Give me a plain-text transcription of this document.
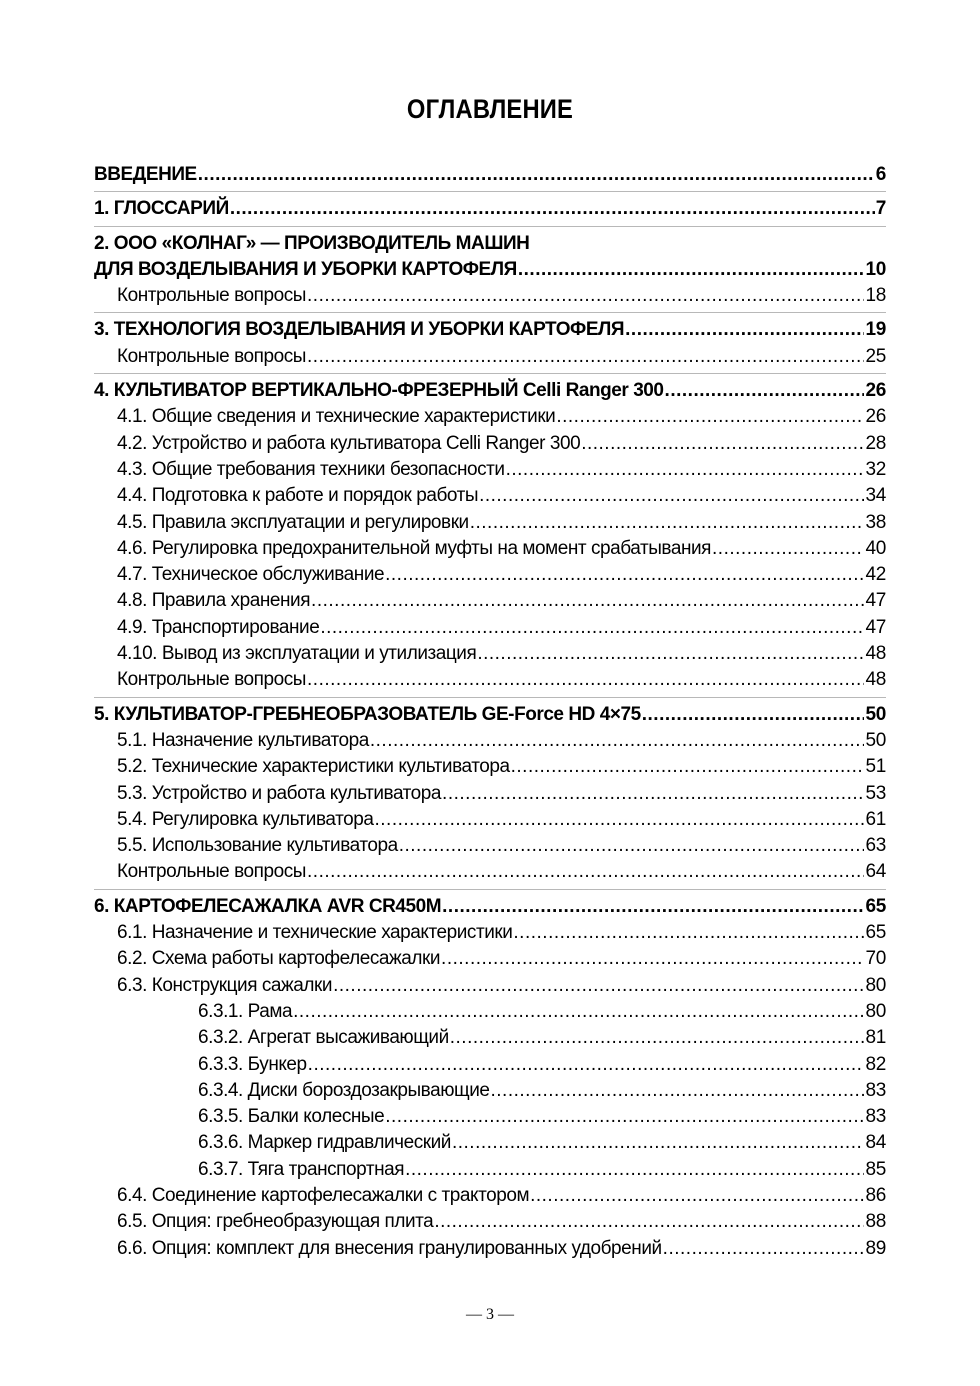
ОГЛАВЛЕНИЕ
ВВЕДЕНИЕ .....	6
1. ГЛОССАРИЙ .....	7
2. ООО «КОЛНАГ» — ПРОИЗВОДИТЕЛЬ МАШИН
ДЛЯ ВОЗДЕЛЫВАНИЯ И УБОРКИ КАРТОФЕЛЯ .....	10
Контрольные вопросы .....	18
3. ТЕХНОЛОГИЯ ВОЗДЕЛЫВАНИЯ И УБОРКИ КАРТОФЕЛЯ .....	19
Контрольные вопросы .....	25
4. КУЛЬТИВАТОР ВЕРТИКАЛЬНО-ФРЕЗЕРНЫЙ Celli Ranger 300 .....	26
4.1. Общие сведения и технические характеристики .....	26
4.2. Устройство и работа культиватора Celli Ranger 300 .....	28
4.3. Общие требования техники безопасности .....	32
4.4. Подготовка к работе и порядок работы .....	34
4.5. Правила эксплуатации и регулировки .....	38
4.6. Регулировка предохранительной муфты на момент срабатывания .....	40
4.7. Техническое обслуживание .....	42
4.8. Правила хранения .....	47
4.9. Транспортирование .....	47
4.10. Вывод из эксплуатации и утилизация .....	48
Контрольные вопросы .....	48
5. КУЛЬТИВАТОР-ГРЕБНЕОБРАЗОВАТЕЛЬ GE-Force HD 4×75 .....	50
5.1. Назначение культиватора .....	50
5.2. Технические характеристики культиватора .....	51
5.3. Устройство и работа культиватора .....	53
5.4. Регулировка культиватора .....	61
5.5. Использование культиватора .....	63
Контрольные вопросы .....	64
6. КАРТОФЕЛЕСАЖАЛКА AVR CR450M .....	65
6.1. Назначение и технические характеристики .....	65
6.2. Схема работы картофелесажалки .....	70
6.3. Конструкция сажалки .....	80
6.3.1. Рама .....	80
6.3.2. Агрегат высаживающий .....	81
6.3.3. Бункер .....	82
6.3.4. Диски бороздозакрывающие .....	83
6.3.5. Балки колесные .....	83
6.3.6. Маркер гидравлический .....	84
6.3.7. Тяга транспортная .....	85
6.4. Соединение картофелесажалки с трактором .....	86
6.5. Опция: гребнеобразующая плита .....	88
6.6. Опция: комплект для внесения гранулированных удобрений .....	89
— 3 —
